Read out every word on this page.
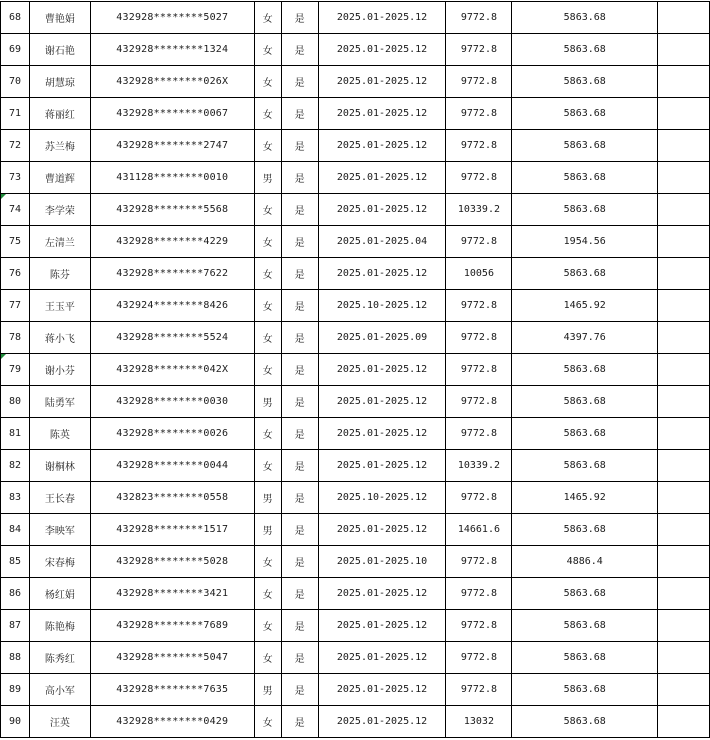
68	曹艳娟	432928********5027	女	是	2025.01-2025.12	9772.8	5863.68	
69	谢石艳	432928********1324	女	是	2025.01-2025.12	9772.8	5863.68	
70	胡慧琼	432928********026X	女	是	2025.01-2025.12	9772.8	5863.68	
71	蒋丽红	432928********0067	女	是	2025.01-2025.12	9772.8	5863.68	
72	苏兰梅	432928********2747	女	是	2025.01-2025.12	9772.8	5863.68	
73	曹道辉	431128********0010	男	是	2025.01-2025.12	9772.8	5863.68	
74	李学荣	432928********5568	女	是	2025.01-2025.12	10339.2	5863.68	
75	左清兰	432928********4229	女	是	2025.01-2025.04	9772.8	1954.56	
76	陈芬	432928********7622	女	是	2025.01-2025.12	10056	5863.68	
77	王玉平	432924********8426	女	是	2025.10-2025.12	9772.8	1465.92	
78	蒋小飞	432928********5524	女	是	2025.01-2025.09	9772.8	4397.76	
79	谢小芬	432928********042X	女	是	2025.01-2025.12	9772.8	5863.68	
80	陆勇军	432928********0030	男	是	2025.01-2025.12	9772.8	5863.68	
81	陈英	432928********0026	女	是	2025.01-2025.12	9772.8	5863.68	
82	谢桐林	432928********0044	女	是	2025.01-2025.12	10339.2	5863.68	
83	王长春	432823********0558	男	是	2025.10-2025.12	9772.8	1465.92	
84	李映军	432928********1517	男	是	2025.01-2025.12	14661.6	5863.68	
85	宋春梅	432928********5028	女	是	2025.01-2025.10	9772.8	4886.4	
86	杨红娟	432928********3421	女	是	2025.01-2025.12	9772.8	5863.68	
87	陈艳梅	432928********7689	女	是	2025.01-2025.12	9772.8	5863.68	
88	陈秀红	432928********5047	女	是	2025.01-2025.12	9772.8	5863.68	
89	高小军	432928********7635	男	是	2025.01-2025.12	9772.8	5863.68	
90	汪英	432928********0429	女	是	2025.01-2025.12	13032	5863.68	
